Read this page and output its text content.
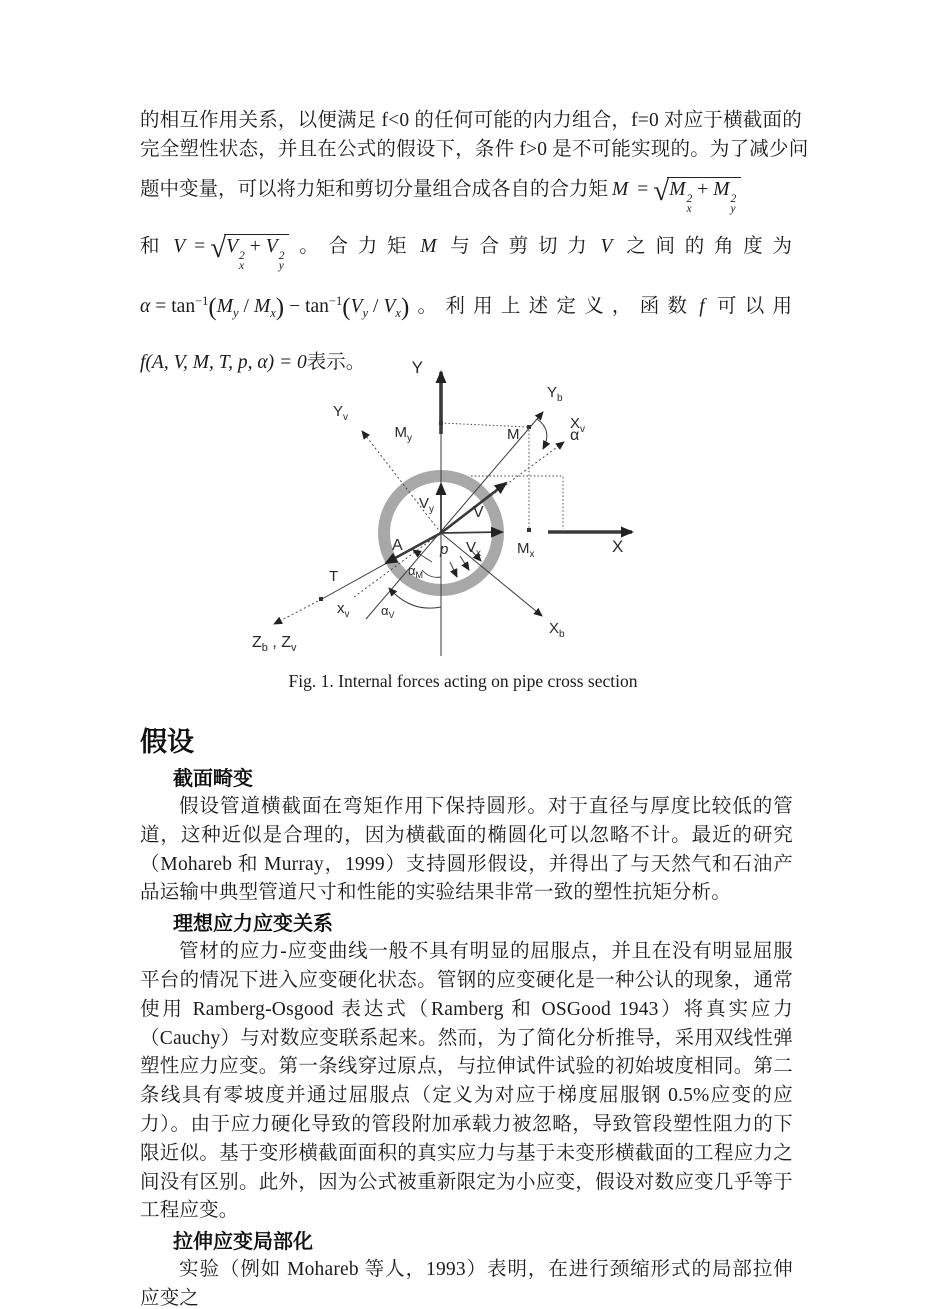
的相互作用关系，以便满足 f<0 的任何可能的内力组合，f=0 对应于横截面的
完全塑性状态，并且在公式的假设下，条件 f>0 是不可能实现的。为了减少问
题中变量，可以将力矩和剪切分量组合成各自的合力矩 M = √M 2
x
+ M 2
y
和 V = √V 2
x
+ V 2
y
。合力矩 M 与合剪切力 V 之间的角度为
$\alpha = \tan^{-1}(M_y / M_x) - \tan^{-1}(V_y / V_x)$。利用上述定义，函数 f 可以用
f(A, V, M, T, p, α) = 0表示。	Y
X
$Y_b$
$X_v$
$Y_v$
$X_b$
$x_v$
$Z_b$ , $Z_v$
$M_y$	M	α
$M_x$
V
$V_y$
$V_x$
A
T
p
$\alpha_M$
$\alpha_V$
Fig. 1. Internal forces acting on pipe cross section
假设
截面畸变

假设管道横截面在弯矩作用下保持圆形。对于直径与厚度比较低的管道，这种近似是合理的，因为横截面的椭圆化可以忽略不计。最近的研究（Mohareb 和 Murray，1999）支持圆形假设，并得出了与天然气和石油产品运输中典型管道尺寸和性能的实验结果非常一致的塑性抗矩分析。

理想应力应变关系

管材的应力-应变曲线一般不具有明显的屈服点，并且在没有明显屈服平台的情况下进入应变硬化状态。管钢的应变硬化是一种公认的现象，通常使用 Ramberg-Osgood 表达式（Ramberg 和 OSGood 1943）将真实应力（Cauchy）与对数应变联系起来。然而，为了简化分析推导，采用双线性弹塑性应力应变。第一条线穿过原点，与拉伸试件试验的初始坡度相同。第二条线具有零坡度并通过屈服点（定义为对应于梯度屈服钢 0.5%应变的应力）。由于应力硬化导致的管段附加承载力被忽略，导致管段塑性阻力的下限近似。基于变形横截面面积的真实应力与基于未变形横截面的工程应力之间没有区别。此外，因为公式被重新限定为小应变，假设对数应变几乎等于工程应变。

拉伸应变局部化

实验（例如 Mohareb 等人，1993）表明，在进行颈缩形式的局部拉伸应变之
